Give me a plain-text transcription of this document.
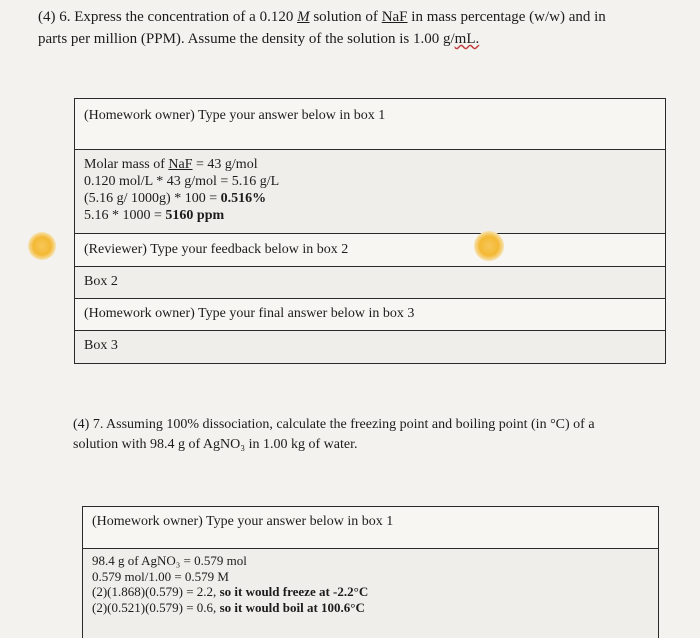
(4) 6. Express the concentration of a 0.120 M solution of NaF in mass percentage (w/w) and in
parts per million (PPM). Assume the density of the solution is 1.00 g/mL.
(Homework owner) Type your answer below in box 1
Molar mass of NaF = 43 g/mol
0.120 mol/L * 43 g/mol = 5.16 g/L
(5.16 g/ 1000g) * 100 = 0.516%
5.16 * 1000 = 5160 ppm
(Reviewer) Type your feedback below in box 2
Box 2
(Homework owner) Type your final answer below in box 3
Box 3
(4) 7. Assuming 100% dissociation, calculate the freezing point and boiling point (in °C) of a
solution with 98.4 g of AgNO₃ in 1.00 kg of water.
(Homework owner) Type your answer below in box 1
98.4 g of AgNO₃ = 0.579 mol
0.579 mol/1.00 = 0.579 M
(2)(1.868)(0.579) = 2.2, so it would freeze at -2.2°C
(2)(0.521)(0.579) = 0.6, so it would boil at 100.6°C
